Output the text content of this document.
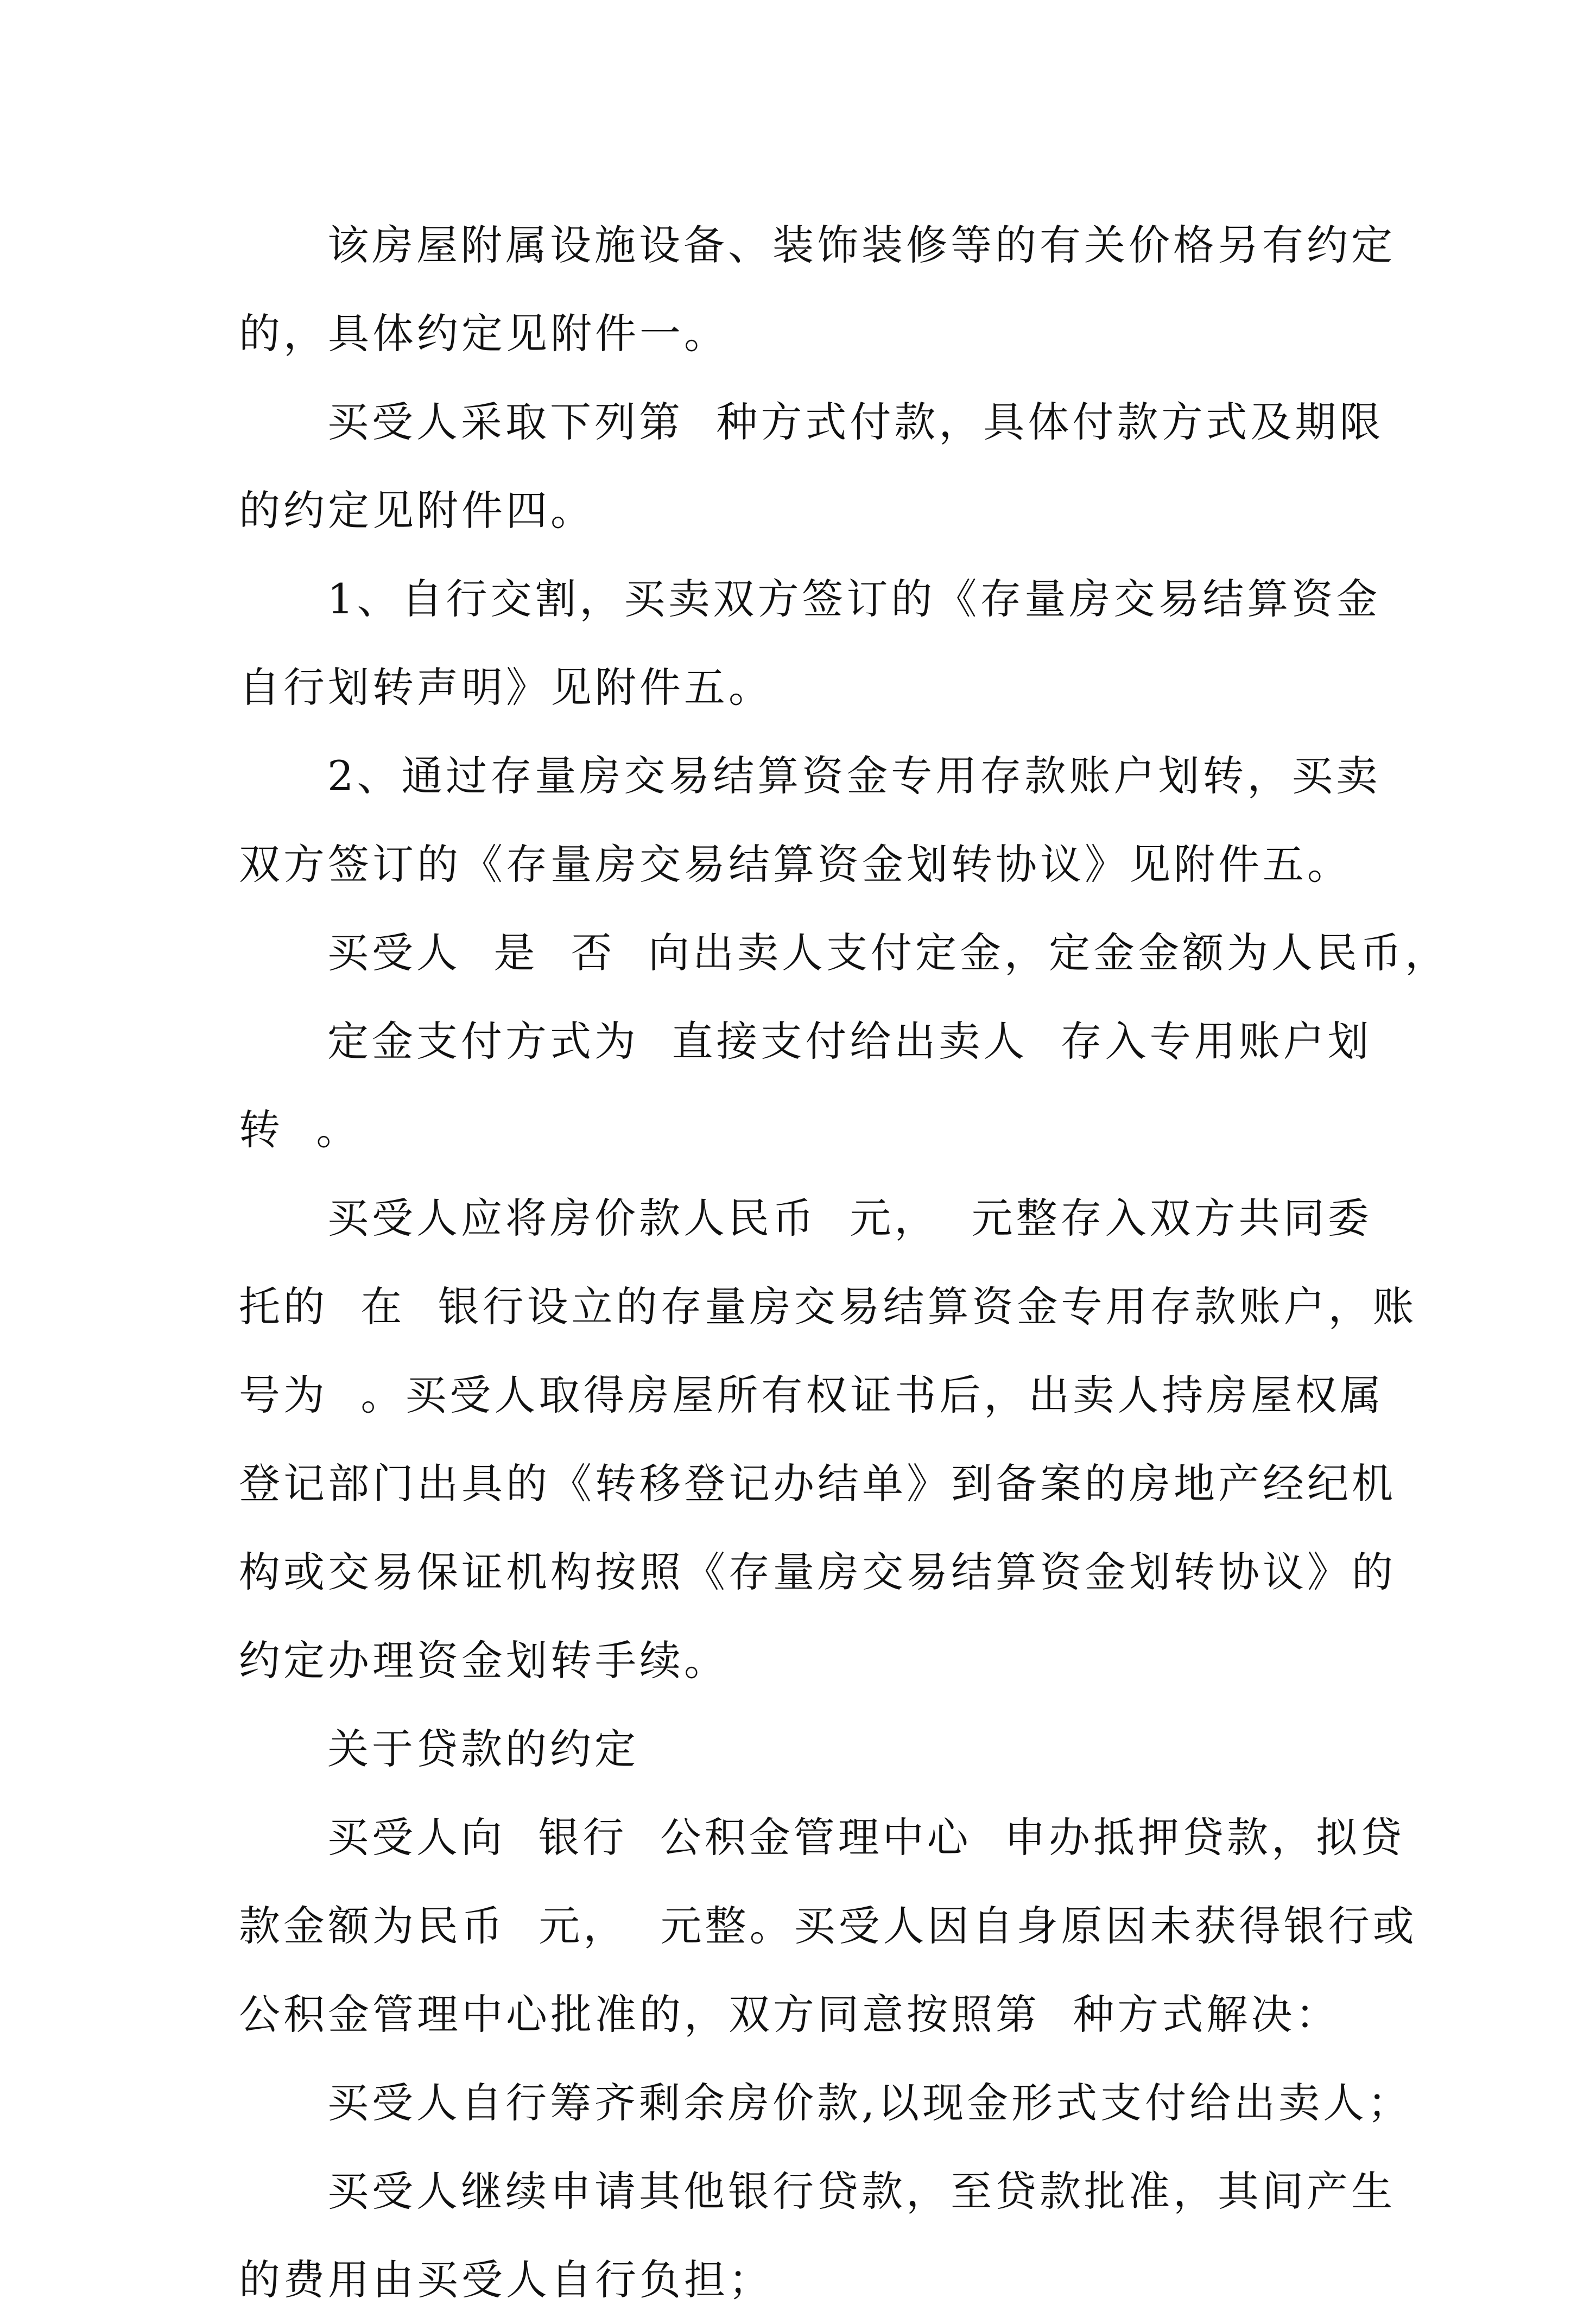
该房屋附属设施设备、装饰装修等的有关价格另有约定
的，具体约定见附件一。
买受人采取下列第  种方式付款，具体付款方式及期限
的约定见附件四。
1、自行交割，买卖双方签订的《存量房交易结算资金
自行划转声明》见附件五。
2、通过存量房交易结算资金专用存款账户划转，买卖
双方签订的《存量房交易结算资金划转协议》见附件五。
买受人  是  否  向出卖人支付定金，定金金额为人民币，
定金支付方式为  直接支付给出卖人  存入专用账户划
转  。
买受人应将房价款人民币  元，  元整存入双方共同委
托的  在  银行设立的存量房交易结算资金专用存款账户，账
号为  。买受人取得房屋所有权证书后，出卖人持房屋权属
登记部门出具的《转移登记办结单》到备案的房地产经纪机
构或交易保证机构按照《存量房交易结算资金划转协议》的
约定办理资金划转手续。
关于贷款的约定
买受人向  银行  公积金管理中心  申办抵押贷款，拟贷
款金额为民币  元，  元整。买受人因自身原因未获得银行或
公积金管理中心批准的，双方同意按照第  种方式解决：
买受人自行筹齐剩余房价款,以现金形式支付给出卖人；
买受人继续申请其他银行贷款，至贷款批准，其间产生
的费用由买受人自行负担；
